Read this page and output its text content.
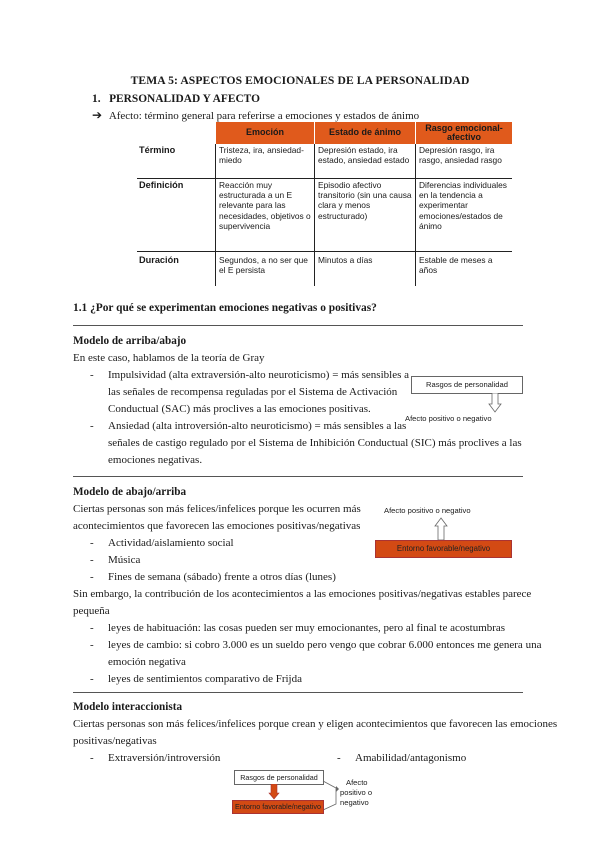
TEMA 5: ASPECTOS EMOCIONALES DE LA PERSONALIDAD
1.   PERSONALIDAD Y AFECTO
➔ Afecto: término general para referirse a emociones y estados de ánimo
	Emoción	Estado de ánimo	Rasgo emocional-afectivo
Término	Tristeza, ira, ansiedad-miedo	Depresión estado, ira estado, ansiedad estado	Depresión rasgo, ira rasgo, ansiedad rasgo
Definición	Reacción muy estructurada a un E relevante para las necesidades, objetivos o supervivencia	Episodio afectivo transitorio (sin una causa clara y menos estructurado)	Diferencias individuales en la tendencia a experimentar emociones/estados de ánimo
Duración	Segundos, a no ser que el E persista	Minutos a días	Estable de meses a años
1.1 ¿Por qué se experimentan emociones negativas o positivas?
Modelo de arriba/abajo
En este caso, hablamos de la teoría de Gray
- Impulsividad (alta extraversión-alto neuroticismo) = más sensibles a
las señales de recompensa reguladas por el Sistema de Activación
Conductual (SAC) más proclives a las emociones positivas.
- Ansiedad (alta introversión-alto neuroticismo) = más sensibles a las
señales de castigo regulado por el Sistema de Inhibición Conductual (SIC) más proclives a las
emociones negativas.
Rasgos de personalidad
Afecto positivo o negativo
Modelo de abajo/arriba
Ciertas personas son más felices/infelices porque les ocurren más
acontecimientos que favorecen las emociones positivas/negativas
- Actividad/aislamiento social
- Música
- Fines de semana (sábado) frente a otros días (lunes)
Afecto positivo o negativo
Entorno favorable/negativo
Sin embargo, la contribución de los acontecimientos a las emociones positivas/negativas estables parece
pequeña
- leyes de habituación: las cosas pueden ser muy emocionantes, pero al final te acostumbras
- leyes de cambio: si cobro 3.000 es un sueldo pero vengo que cobrar 6.000 entonces me genera una
emoción negativa
- leyes de sentimientos comparativo de Frijda
Modelo interaccionista
Ciertas personas son más felices/infelices porque crean y eligen acontecimientos que favorecen las emociones
positivas/negativas
- Extraversión/introversión	- Amabilidad/antagonismo
Rasgos de personalidad
Entorno favorable/negativo
Afecto
positivo o
negativo
